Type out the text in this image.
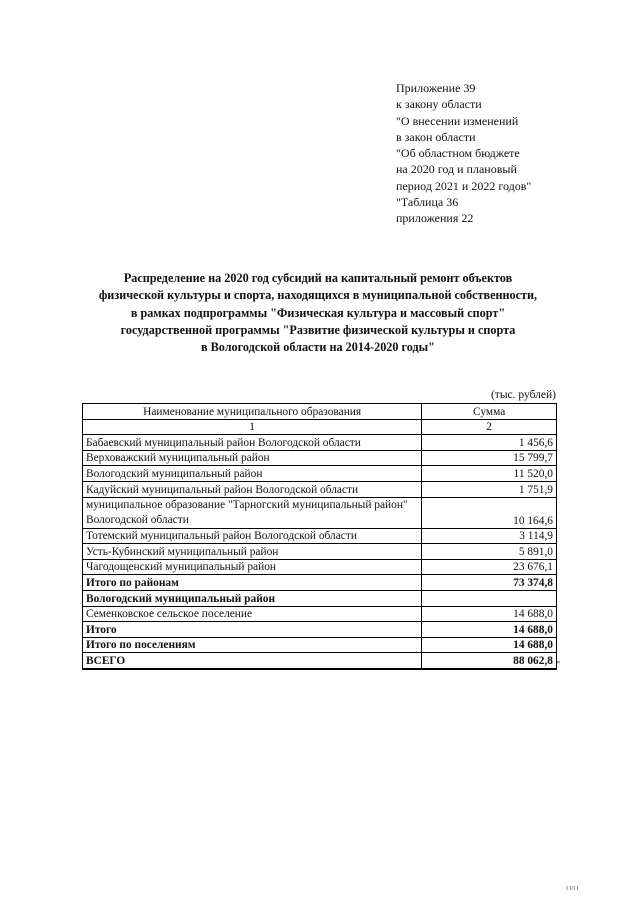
Приложение 39
к закону области
"О внесении изменений
в закон области
"Об областном бюджете
на 2020 год и плановый
период 2021 и 2022 годов"
"Таблица 36
приложения 22
Распределение на 2020 год субсидий на капитальный ремонт объектов
физической культуры и спорта, находящихся в муниципальной собственности,
в рамках подпрограммы "Физическая культура и массовый спорт"
государственной программы "Развитие физической культуры и спорта
в Вологодской области на 2014-2020 годы"
(тыс. рублей)
Наименование муниципального образования	Сумма
1	2
Бабаевский муниципальный район Вологодской области	1 456,6
Верховажский муниципальный район	15 799,7
Вологодский муниципальный район	11 520,0
Кадуйский муниципальный район Вологодской области	1 751,9
муниципальное образование "Тарногский муниципальный район" Вологодской области	10 164,6
Тотемский муниципальный район Вологодской области	3 114,9
Усть-Кубинский муниципальный район	5 891,0
Чагодощенский муниципальный район	23 676,1
Итого по районам	73 374,8
Вологодский муниципальный район	
Семенковское сельское поселение	14 688,0
Итого	14 688,0
Итого по поселениям	14 688,0
ВСЕГО	88 062,8 "
I I/I I
